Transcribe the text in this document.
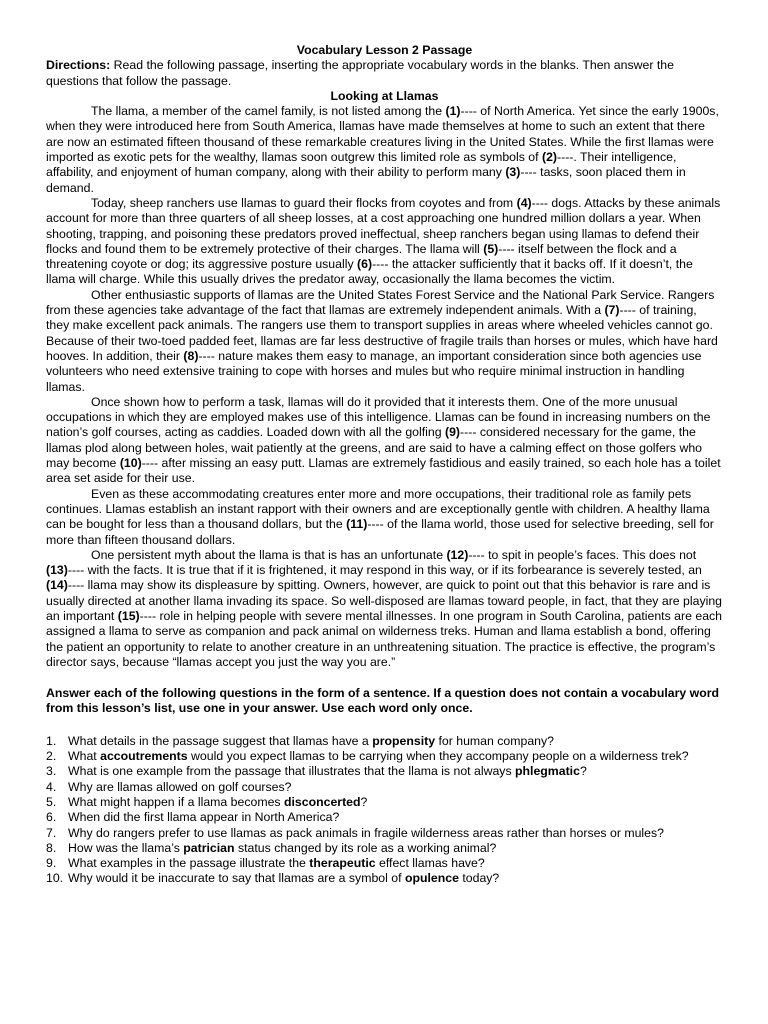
Vocabulary Lesson 2 Passage

Directions: Read the following passage, inserting the appropriate vocabulary words in the blanks. Then answer the questions that follow the passage.

Looking at Llamas

The llama, a member of the camel family, is not listed among the (1)---- of North America. Yet since the early 1900s, when they were introduced here from South America, llamas have made themselves at home to such an extent that there are now an estimated fifteen thousand of these remarkable creatures living in the United States. While the first llamas were imported as exotic pets for the wealthy, llamas soon outgrew this limited role as symbols of (2)----. Their intelligence, affability, and enjoyment of human company, along with their ability to perform many (3)---- tasks, soon placed them in demand.

Today, sheep ranchers use llamas to guard their flocks from coyotes and from (4)---- dogs. Attacks by these animals account for more than three quarters of all sheep losses, at a cost approaching one hundred million dollars a year. When shooting, trapping, and poisoning these predators proved ineffectual, sheep ranchers began using llamas to defend their flocks and found them to be extremely protective of their charges. The llama will (5)---- itself between the flock and a threatening coyote or dog; its aggressive posture usually (6)---- the attacker sufficiently that it backs off. If it doesn’t, the llama will charge. While this usually drives the predator away, occasionally the llama becomes the victim.

Other enthusiastic supports of llamas are the United States Forest Service and the National Park Service. Rangers from these agencies take advantage of the fact that llamas are extremely independent animals. With a (7)---- of training, they make excellent pack animals. The rangers use them to transport supplies in areas where wheeled vehicles cannot go. Because of their two-toed padded feet, llamas are far less destructive of fragile trails than horses or mules, which have hard hooves. In addition, their (8)---- nature makes them easy to manage, an important consideration since both agencies use volunteers who need extensive training to cope with horses and mules but who require minimal instruction in handling llamas.

Once shown how to perform a task, llamas will do it provided that it interests them. One of the more unusual occupations in which they are employed makes use of this intelligence. Llamas can be found in increasing numbers on the nation’s golf courses, acting as caddies. Loaded down with all the golfing (9)---- considered necessary for the game, the llamas plod along between holes, wait patiently at the greens, and are said to have a calming effect on those golfers who may become (10)---- after missing an easy putt. Llamas are extremely fastidious and easily trained, so each hole has a toilet area set aside for their use.

Even as these accommodating creatures enter more and more occupations, their traditional role as family pets continues. Llamas establish an instant rapport with their owners and are exceptionally gentle with children. A healthy llama can be bought for less than a thousand dollars, but the (11)---- of the llama world, those used for selective breeding, sell for more than fifteen thousand dollars.

One persistent myth about the llama is that is has an unfortunate (12)---- to spit in people’s faces. This does not (13)---- with the facts. It is true that if it is frightened, it may respond in this way, or if its forbearance is severely tested, an (14)---- llama may show its displeasure by spitting. Owners, however, are quick to point out that this behavior is rare and is usually directed at another llama invading its space. So well-disposed are llamas toward people, in fact, that they are playing an important (15)---- role in helping people with severe mental illnesses. In one program in South Carolina, patients are each assigned a llama to serve as companion and pack animal on wilderness treks. Human and llama establish a bond, offering the patient an opportunity to relate to another creature in an unthreatening situation. The practice is effective, the program’s director says, because “llamas accept you just the way you are.”

Answer each of the following questions in the form of a sentence. If a question does not contain a vocabulary word from this lesson’s list, use one in your answer. Use each word only once.

1. What details in the passage suggest that llamas have a propensity for human company?
2. What accoutrements would you expect llamas to be carrying when they accompany people on a wilderness trek?
3. What is one example from the passage that illustrates that the llama is not always phlegmatic?
4. Why are llamas allowed on golf courses?
5. What might happen if a llama becomes disconcerted?
6. When did the first llama appear in North America?
7. Why do rangers prefer to use llamas as pack animals in fragile wilderness areas rather than horses or mules?
8. How was the llama’s patrician status changed by its role as a working animal?
9. What examples in the passage illustrate the therapeutic effect llamas have?
10. Why would it be inaccurate to say that llamas are a symbol of opulence today?
